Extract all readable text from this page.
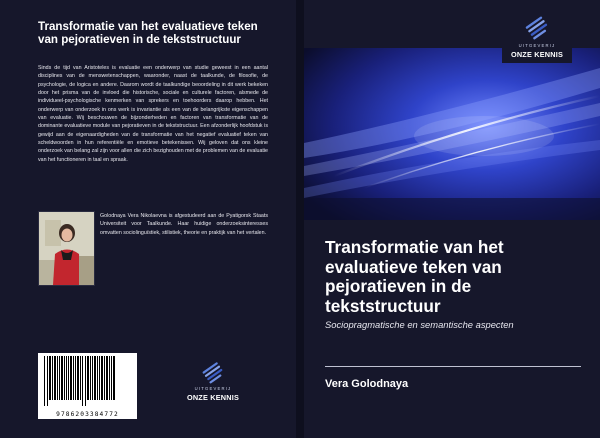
Transformatie van het evaluatieve teken van pejoratieven in de tekststructuur

Sinds de tijd van Aristoteles is evaluatie een onderwerp van studie geweest in een aantal disciplines van de menswetenschappen, waaronder, naast de taalkunde, de filosofie, de psychologie, de logica en andere. Daarom wordt de taalkundige beoordeling in dit werk bekeken door het prisma van de invloed die historische, sociale en culturele factoren, alsmede de individueel-psychologische kenmerken van sprekers en toehoorders daarop hebben. Het onderwerp van onderzoek in ons werk is invariantie als een van de belangrijkste eigenschappen van evaluatie. Wij beschouwen de bijzonderheden en factoren van transformatie van de dominante evaluatieve module van pejoratieven in de tekststructuur. Een afzonderlijk hoofdstuk is gewijd aan de eigenaardigheden van de transformatie van het negatief evaluatief teken van scheldwoorden in hun referentiële en emotieve betekenissen. Wij geloven dat ons kleine onderzoek van belang zal zijn voor allen die zich bezighouden met de problemen van de evaluatie van het functioneren in taal en spraak.

Golodnaya Vera Nikolaevna is afgestudeerd aan de Pyatigorsk Staats Universiteit voor Taalkunde. Haar huidige onderzoeksinteresses omvatten sociolinguïstiek, stilistiek, theorie en praktijk van het vertalen.

9786203384772
UITGEVERIJ
ONZE KENNIS
UITGEVERIJ
ONZE KENNIS
Transformatie van het evaluatieve teken van pejoratieven in de tekststructuur

Sociopragmatische en semantische aspecten

Vera Golodnaya
